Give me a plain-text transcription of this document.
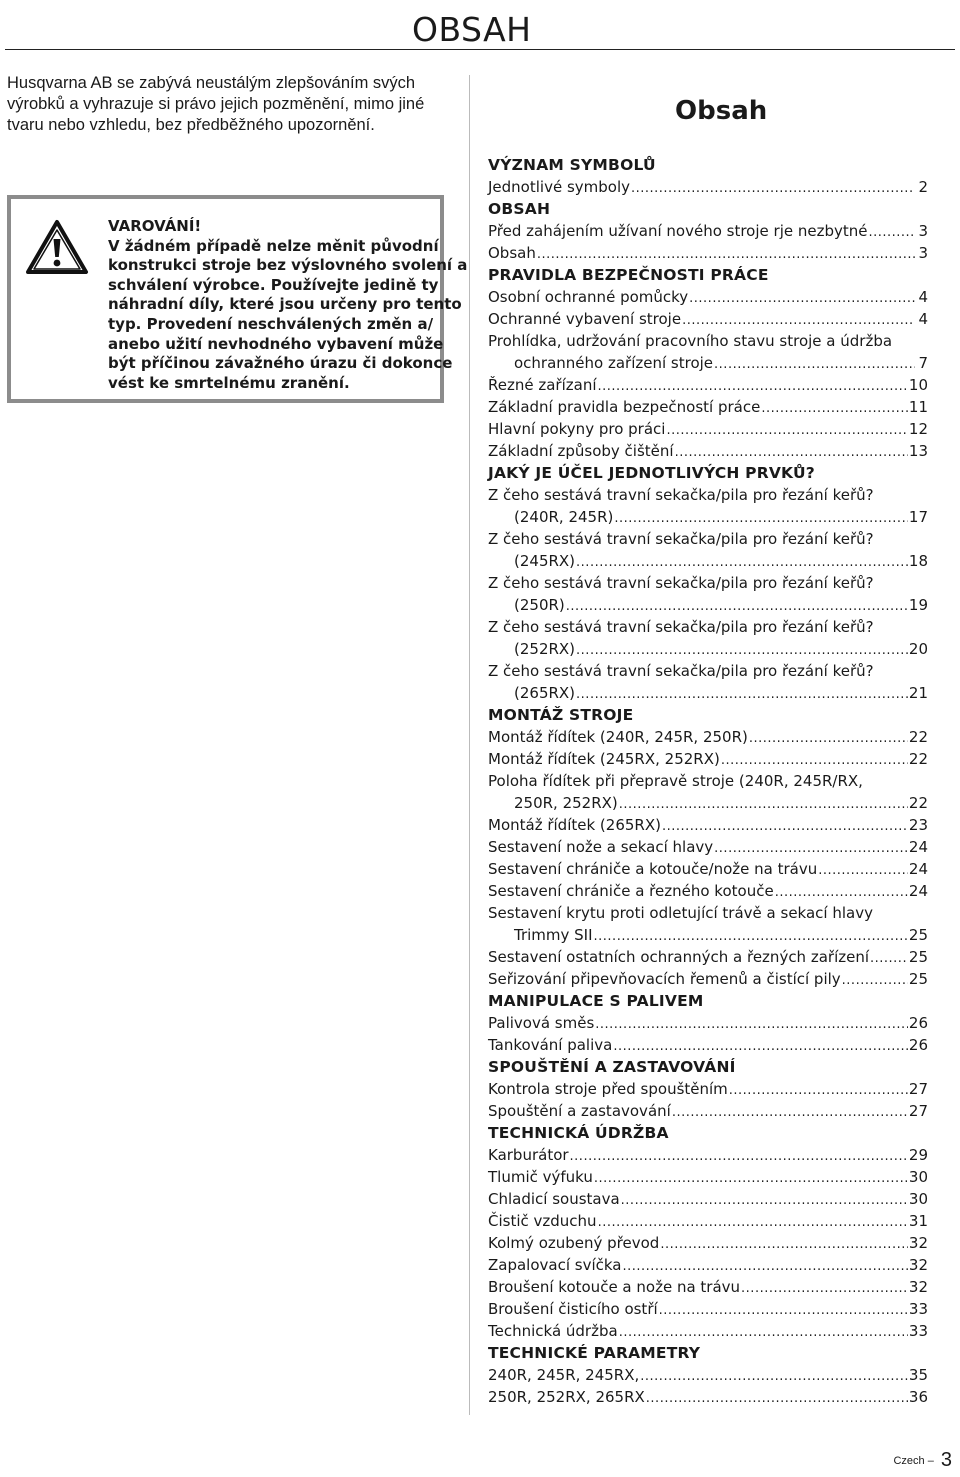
OBSAH
Husqvarna AB se zabývá neustálým zlepšováním svých
výrobků a vyhrazuje si právo jejich pozměnění, mimo jiné
tvaru nebo vzhledu, bez předběžného upozornění.
VAROVÁNÍ!
V žádném případě nelze měnit původní
konstrukci stroje bez výslovného svolení a
schválení výrobce. Používejte jedině ty
náhradní díly, které jsou určeny pro tento
typ. Provedení neschválených změn a/
anebo užití nevhodného vybavení může
být příčinou závažného úrazu či dokonce
vést ke smrtelnému zranění.
Obsah
VÝZNAM SYMBOLŮ
Jednotlivé symboly .....	2
OBSAH
Před zahájením užívaní nového stroje rje nezbytné .....	3
Obsah .....	3
PRAVIDLA BEZPEČNOSTI PRÁCE
Osobní ochranné pomůcky .....	4
Ochranné vybavení stroje .....	4
Prohlídka, udržování pracovního stavu stroje a údržba
ochranného zařízení stroje .....	7
Řezné zařízaní .....	10
Základní pravidla bezpečností práce .....	11
Hlavní pokyny pro práci .....	12
Základní způsoby čištění .....	13
JAKÝ JE ÚČEL JEDNOTLIVÝCH PRVKŮ?
Z čeho sestává travní sekačka/pila pro řezání keřů?
(240R, 245R) .....	17
Z čeho sestává travní sekačka/pila pro řezání keřů?
(245RX) .....	18
Z čeho sestává travní sekačka/pila pro řezání keřů?
(250R) .....	19
Z čeho sestává travní sekačka/pila pro řezání keřů?
(252RX) .....	20
Z čeho sestává travní sekačka/pila pro řezání keřů?
(265RX) .....	21
MONTÁŽ STROJE
Montáž řídítek (240R, 245R, 250R) .....	22
Montáž řídítek (245RX, 252RX) .....	22
Poloha řídítek při přepravě stroje (240R, 245R/RX,
250R, 252RX) .....	22
Montáž řídítek (265RX) .....	23
Sestavení nože a sekací hlavy .....	24
Sestavení chrániče a kotouče/nože na trávu .....	24
Sestavení chrániče a řezného kotouče .....	24
Sestavení krytu proti odletující trávě a sekací hlavy
Trimmy SII .....	25
Sestavení ostatních ochranných a řezných zařízení .....	25
Seřizování připevňovacích řemenů a čistící pily .....	25
MANIPULACE S PALIVEM
Palivová směs .....	26
Tankování paliva .....	26
SPOUŠTĚNÍ A ZASTAVOVÁNÍ
Kontrola stroje před spouštěním .....	27
Spouštění a zastavování .....	27
TECHNICKÁ ÚDRŽBA
Karburátor .....	29
Tlumič výfuku .....	30
Chladicí soustava .....	30
Čistič vzduchu .....	31
Kolmý ozubený převod .....	32
Zapalovací svíčka .....	32
Broušení kotouče a nože na trávu .....	32
Broušení čisticího ostří .....	33
Technická údržba .....	33
TECHNICKÉ PARAMETRY
240R, 245R, 245RX, .....	35
250R, 252RX, 265RX .....	36
Czech – 3
